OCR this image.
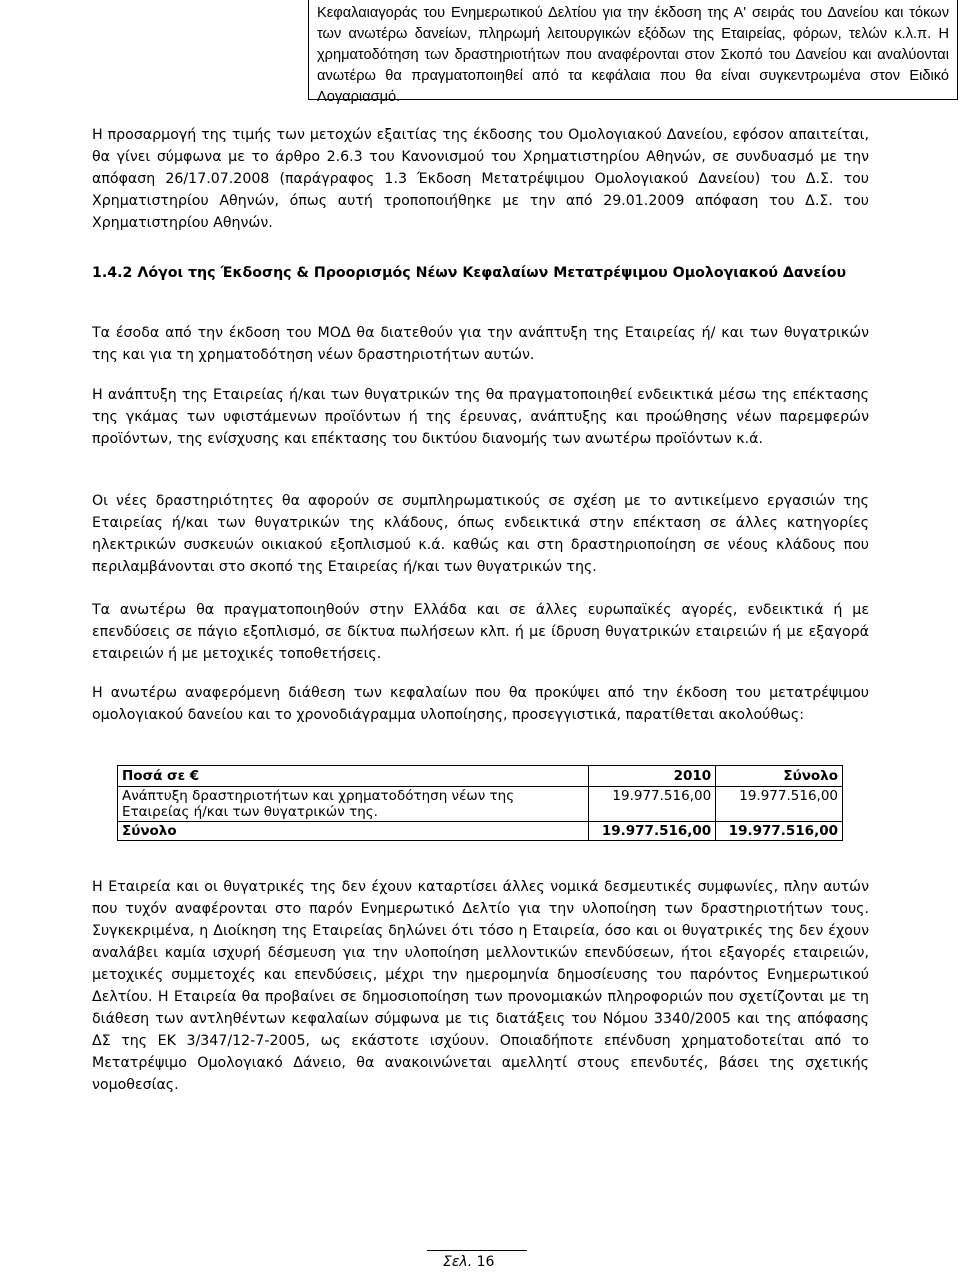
Κεφαλαιαγοράς του Ενημερωτικού Δελτίου για την έκδοση της Α' σειράς του Δανείου και τόκων των ανωτέρω δανείων, πληρωμή λειτουργικών εξόδων της Εταιρείας, φόρων, τελών κ.λ.π. Η χρηματοδότηση των δραστηριοτήτων που αναφέρονται στον Σκοπό του Δανείου και αναλύονται ανωτέρω θα πραγματοποιηθεί από τα κεφάλαια που θα είναι συγκεντρωμένα στον Ειδικό Λογαριασμό.
Η προσαρμογή της τιμής των μετοχών εξαιτίας της έκδοσης του Ομολογιακού Δανείου, εφόσον απαιτείται, θα γίνει σύμφωνα με το άρθρο 2.6.3 του Κανονισμού του Χρηματιστηρίου Αθηνών, σε συνδυασμό με την απόφαση 26/17.07.2008 (παράγραφος 1.3 Έκδοση Μετατρέψιμου Ομολογιακού Δανείου) του Δ.Σ. του Χρηματιστηρίου Αθηνών, όπως αυτή τροποποιήθηκε με την από 29.01.2009 απόφαση του Δ.Σ. του Χρηματιστηρίου Αθηνών.
1.4.2 Λόγοι της Έκδοσης & Προορισμός Νέων Κεφαλαίων Μετατρέψιμου Ομολογιακού Δανείου
Τα έσοδα από την έκδοση του ΜΟΔ θα διατεθούν για την ανάπτυξη της Εταιρείας ή/ και των θυγατρικών της και για τη χρηματοδότηση νέων δραστηριοτήτων αυτών.
Η ανάπτυξη της Εταιρείας ή/και των θυγατρικών της θα πραγματοποιηθεί ενδεικτικά μέσω της επέκτασης της γκάμας των υφιστάμενων προϊόντων ή της έρευνας, ανάπτυξης και προώθησης νέων παρεμφερών προϊόντων, της ενίσχυσης και επέκτασης του δικτύου διανομής των ανωτέρω προϊόντων κ.ά.
Οι νέες δραστηριότητες θα αφορούν σε συμπληρωματικούς σε σχέση με το αντικείμενο εργασιών της Εταιρείας ή/και των θυγατρικών της κλάδους, όπως ενδεικτικά στην επέκταση σε άλλες κατηγορίες ηλεκτρικών συσκευών οικιακού εξοπλισμού κ.ά. καθώς και στη δραστηριοποίηση σε νέους κλάδους που περιλαμβάνονται στο σκοπό της Εταιρείας ή/και των θυγατρικών της.
Τα ανωτέρω θα πραγματοποιηθούν στην Ελλάδα και σε άλλες ευρωπαϊκές αγορές, ενδεικτικά ή με επενδύσεις σε πάγιο εξοπλισμό, σε δίκτυα πωλήσεων κλπ. ή με ίδρυση θυγατρικών εταιρειών ή με εξαγορά εταιρειών ή με μετοχικές τοποθετήσεις.
Η ανωτέρω αναφερόμενη διάθεση των κεφαλαίων που θα προκύψει από την έκδοση του μετατρέψιμου ομολογιακού δανείου και το χρονοδιάγραμμα υλοποίησης, προσεγγιστικά, παρατίθεται ακολούθως:
Ποσά σε €	2010	Σύνολο
Ανάπτυξη δραστηριοτήτων και χρηματοδότηση νέων της Εταιρείας ή/και των θυγατρικών της.	19.977.516,00	19.977.516,00
Σύνολο	19.977.516,00	19.977.516,00
Η Εταιρεία και οι θυγατρικές της δεν έχουν καταρτίσει άλλες νομικά δεσμευτικές συμφωνίες, πλην αυτών που τυχόν αναφέρονται στο παρόν Ενημερωτικό Δελτίο για την υλοποίηση των δραστηριοτήτων τους. Συγκεκριμένα, η Διοίκηση της Εταιρείας δηλώνει ότι τόσο η Εταιρεία, όσο και οι θυγατρικές της δεν έχουν αναλάβει καμία ισχυρή δέσμευση για την υλοποίηση μελλοντικών επενδύσεων, ήτοι εξαγορές εταιρειών, μετοχικές συμμετοχές και επενδύσεις, μέχρι την ημερομηνία δημοσίευσης του παρόντος Ενημερωτικού Δελτίου. Η Εταιρεία θα προβαίνει σε δημοσιοποίηση των προνομιακών πληροφοριών που σχετίζονται με τη διάθεση των αντληθέντων κεφαλαίων σύμφωνα με τις διατάξεις του Νόμου 3340/2005 και της απόφασης ΔΣ της ΕΚ 3/347/12-7-2005, ως εκάστοτε ισχύουν. Οποιαδήποτε επένδυση χρηματοδοτείται από το Μετατρέψιμο Ομολογιακό Δάνειο, θα ανακοινώνεται αμελλητί στους επενδυτές, βάσει της σχετικής νομοθεσίας.
Σελ. 16
